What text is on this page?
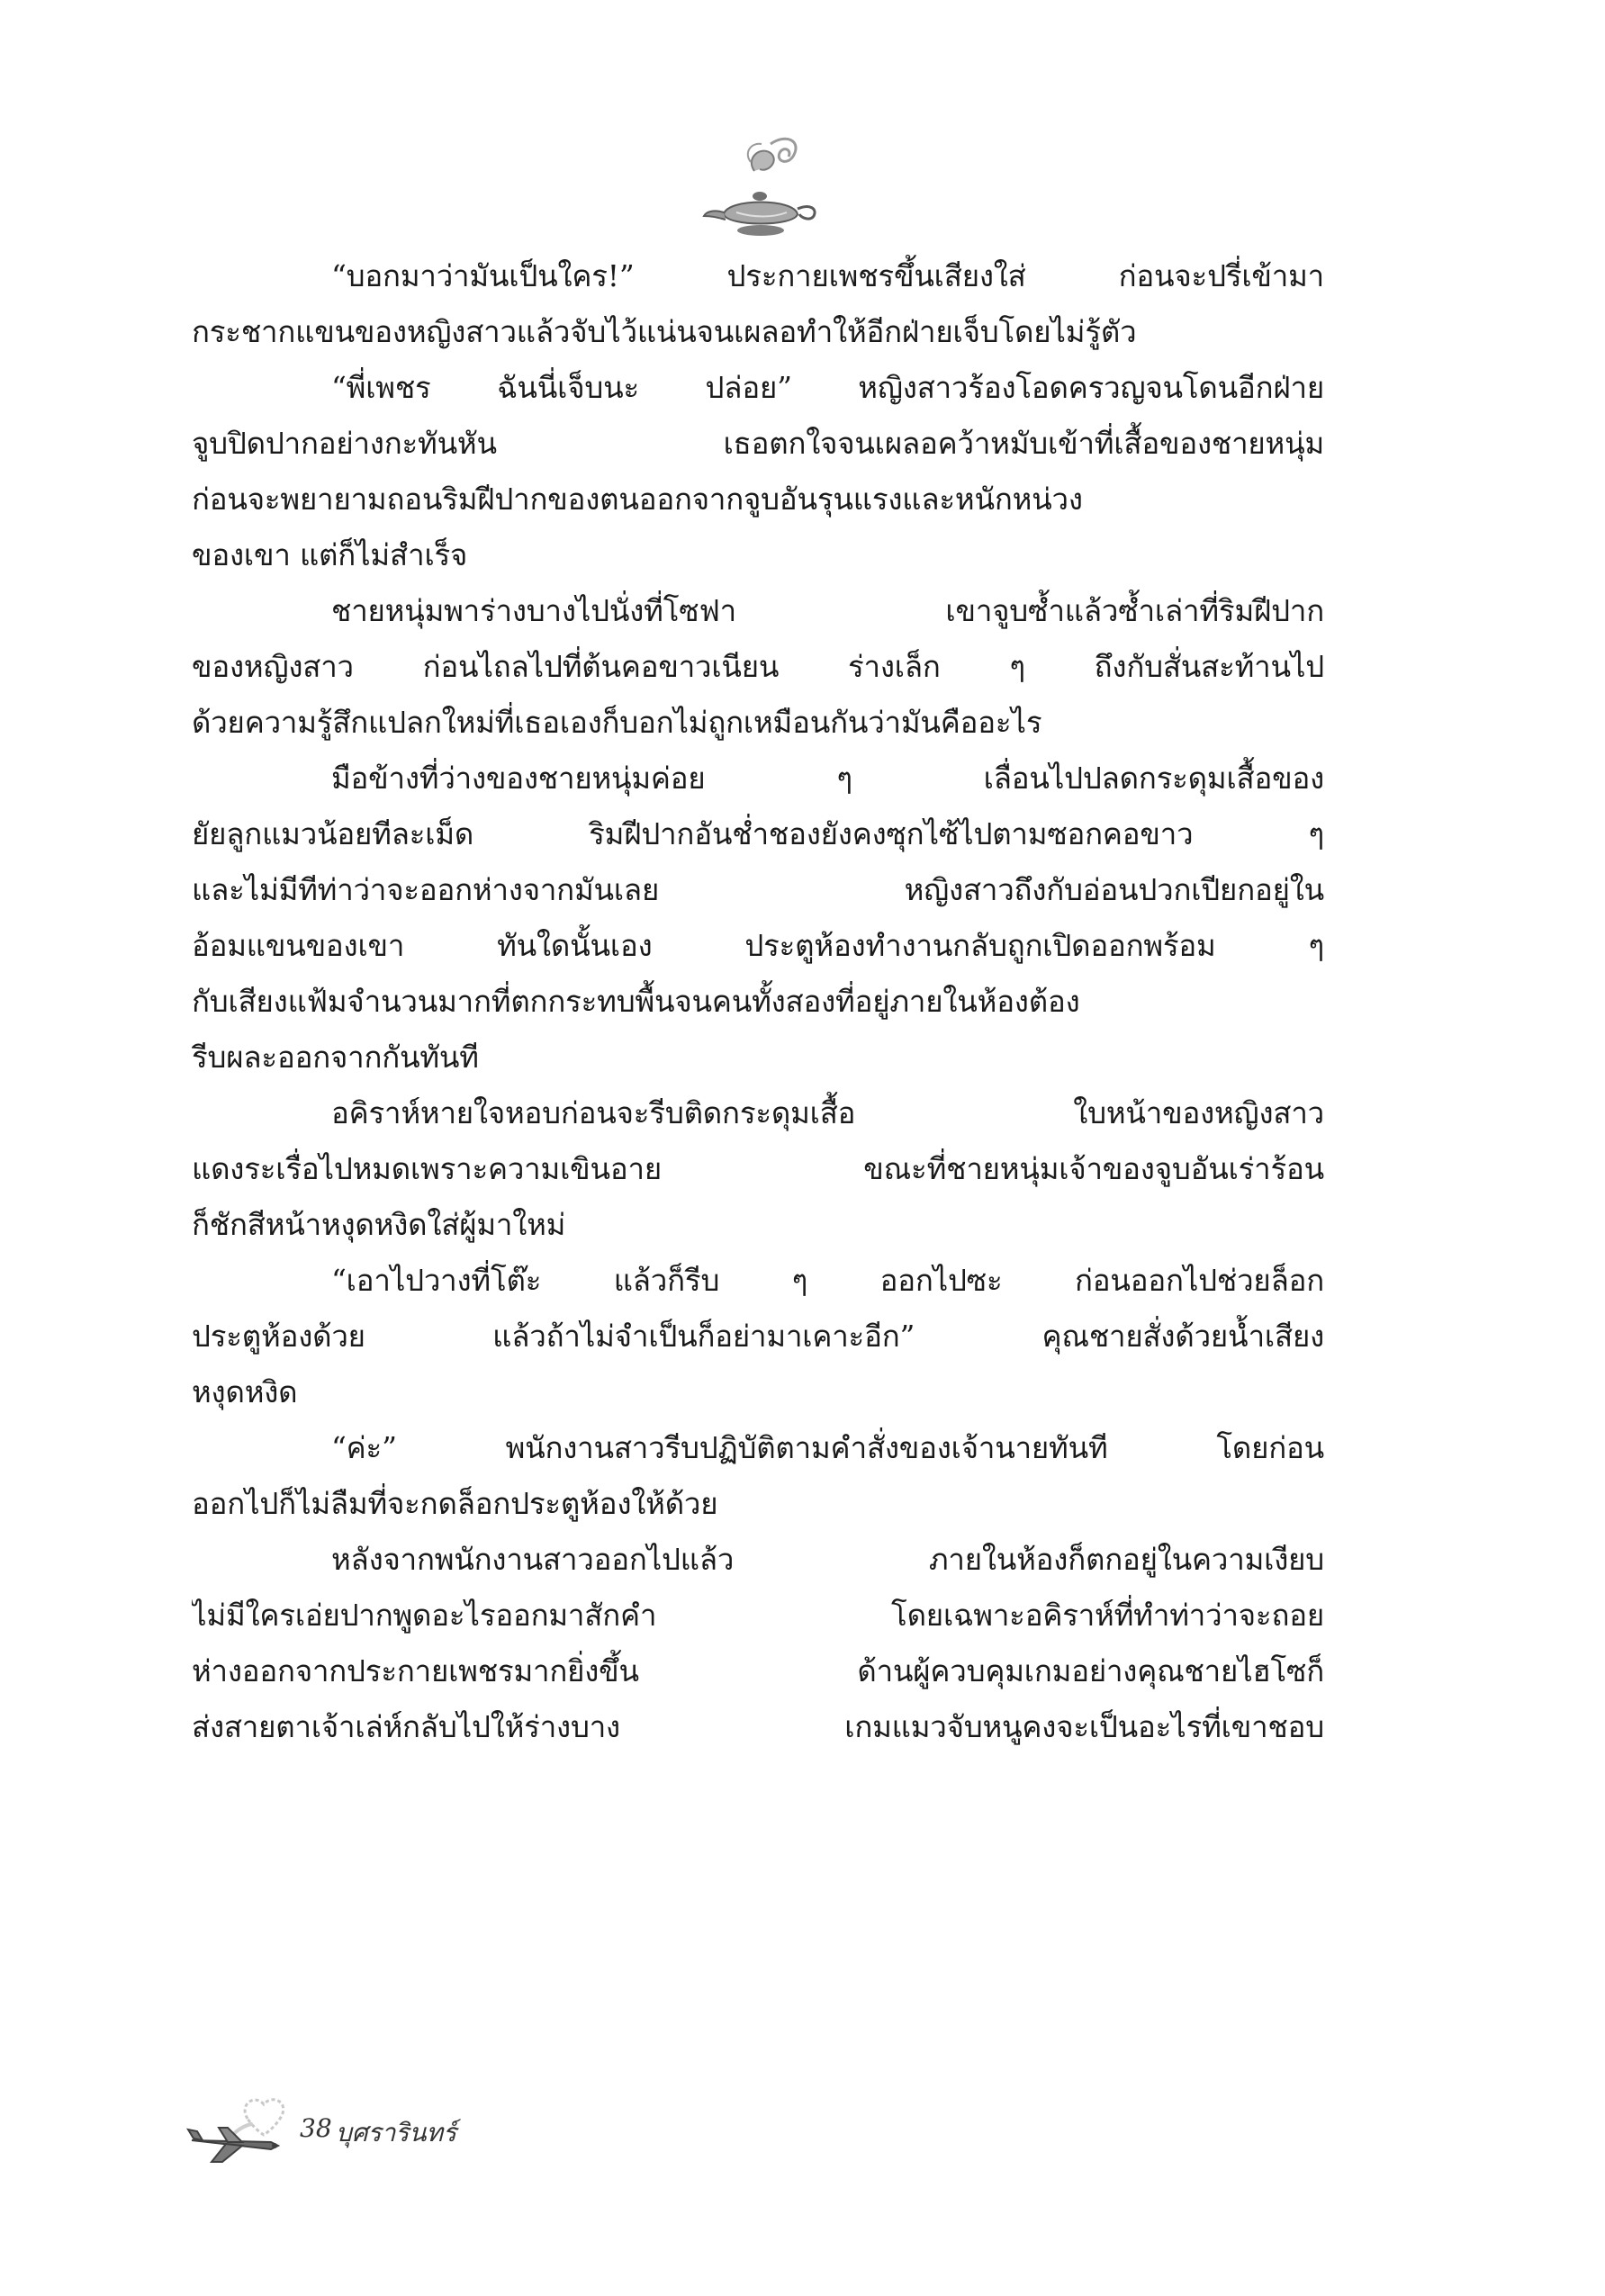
“บอกมาว่ามันเป็นใคร!” ประกายเพชรขึ้นเสียงใส่ ก่อนจะปรี่เข้ามา
กระชากแขนของหญิงสาวแล้วจับไว้แน่นจนเผลอทำให้อีกฝ่ายเจ็บโดยไม่รู้ตัว
“พี่เพชร ฉันนี่เจ็บนะ ปล่อย” หญิงสาวร้องโอดครวญจนโดนอีกฝ่าย
จูบปิดปากอย่างกะทันหัน เธอตกใจจนเผลอคว้าหมับเข้าที่เสื้อของชายหนุ่ม
ก่อนจะพยายามถอนริมฝีปากของตนออกจากจูบอันรุนแรงและหนักหน่วง
ของเขา แต่ก็ไม่สำเร็จ
ชายหนุ่มพาร่างบางไปนั่งที่โซฟา เขาจูบซ้ำแล้วซ้ำเล่าที่ริมฝีปาก
ของหญิงสาว ก่อนไถลไปที่ต้นคอขาวเนียน ร่างเล็ก ๆ ถึงกับสั่นสะท้านไป
ด้วยความรู้สึกแปลกใหม่ที่เธอเองก็บอกไม่ถูกเหมือนกันว่ามันคืออะไร
มือข้างที่ว่างของชายหนุ่มค่อย ๆ เลื่อนไปปลดกระดุมเสื้อของ
ยัยลูกแมวน้อยทีละเม็ด ริมฝีปากอันช่ำชองยังคงซุกไซ้ไปตามซอกคอขาว ๆ
และไม่มีทีท่าว่าจะออกห่างจากมันเลย หญิงสาวถึงกับอ่อนปวกเปียกอยู่ใน
อ้อมแขนของเขา ทันใดนั้นเอง ประตูห้องทำงานกลับถูกเปิดออกพร้อม ๆ
กับเสียงแฟ้มจำนวนมากที่ตกกระทบพื้นจนคนทั้งสองที่อยู่ภายในห้องต้อง
รีบผละออกจากกันทันที
อคิราห์หายใจหอบก่อนจะรีบติดกระดุมเสื้อ ใบหน้าของหญิงสาว
แดงระเรื่อไปหมดเพราะความเขินอาย ขณะที่ชายหนุ่มเจ้าของจูบอันเร่าร้อน
ก็ชักสีหน้าหงุดหงิดใส่ผู้มาใหม่
“เอาไปวางที่โต๊ะ แล้วก็รีบ ๆ ออกไปซะ ก่อนออกไปช่วยล็อก
ประตูห้องด้วย แล้วถ้าไม่จำเป็นก็อย่ามาเคาะอีก” คุณชายสั่งด้วยน้ำเสียง
หงุดหงิด
“ค่ะ” พนักงานสาวรีบปฏิบัติตามคำสั่งของเจ้านายทันที โดยก่อน
ออกไปก็ไม่ลืมที่จะกดล็อกประตูห้องให้ด้วย
หลังจากพนักงานสาวออกไปแล้ว ภายในห้องก็ตกอยู่ในความเงียบ
ไม่มีใครเอ่ยปากพูดอะไรออกมาสักคำ โดยเฉพาะอคิราห์ที่ทำท่าว่าจะถอย
ห่างออกจากประกายเพชรมากยิ่งขึ้น ด้านผู้ควบคุมเกมอย่างคุณชายไฮโซก็
ส่งสายตาเจ้าเล่ห์กลับไปให้ร่างบาง เกมแมวจับหนูคงจะเป็นอะไรที่เขาชอบ
38 บุศรารินทร์
